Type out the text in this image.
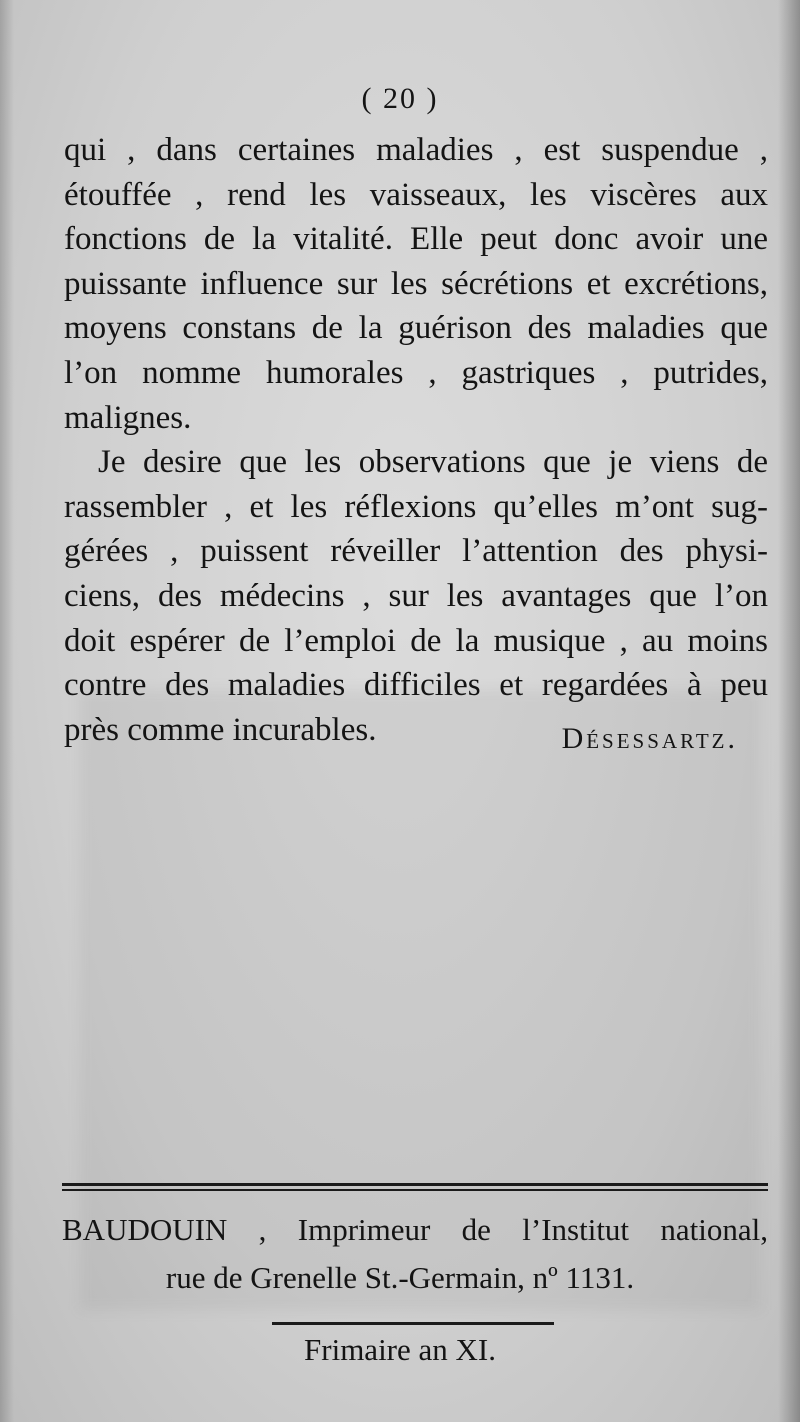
( 20 )
qui , dans certaines maladies , est suspendue ,
étouffée , rend les vaisseaux, les viscères aux
fonctions de la vitalité. Elle peut donc avoir une
puissante influence sur les sécrétions et excrétions,
moyens constans de la guérison des maladies que
l’on nomme humorales , gastriques , putrides,
malignes.
Je desire que les observations que je viens de
rassembler , et les réflexions qu’elles m’ont sug-
gérées , puissent réveiller l’attention des physi-
ciens, des médecins , sur les avantages que l’on
doit espérer de l’emploi de la musique , au moins
contre des maladies difficiles et regardées à peu
près comme incurables.	Désessartz.
BAUDOUIN , Imprimeur de l’Institut national,
rue de Grenelle St.-Germain, nº 1131.
Frimaire an XI.
